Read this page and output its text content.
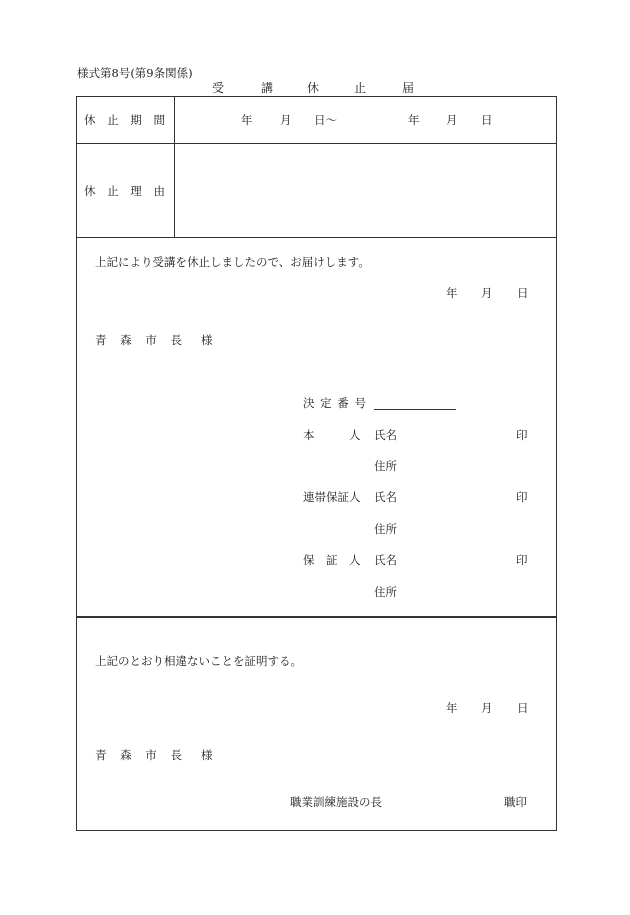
様式第8号(第9条関係)
受	講	休	止	届
休 止 期 間	年 月 日〜	年 月 日
休 止 理 由
上記により受講を休止しましたので、お届けします。
年 月 日
青 森 市 長 様
決 定 番 号
本　　　人 氏名	印
住所
連帯保証人 氏名	印
住所
保　証　人 氏名	印
住所
上記のとおり相違ないことを証明する。
年 月 日
青 森 市 長 様
職業訓練施設の長	職印
